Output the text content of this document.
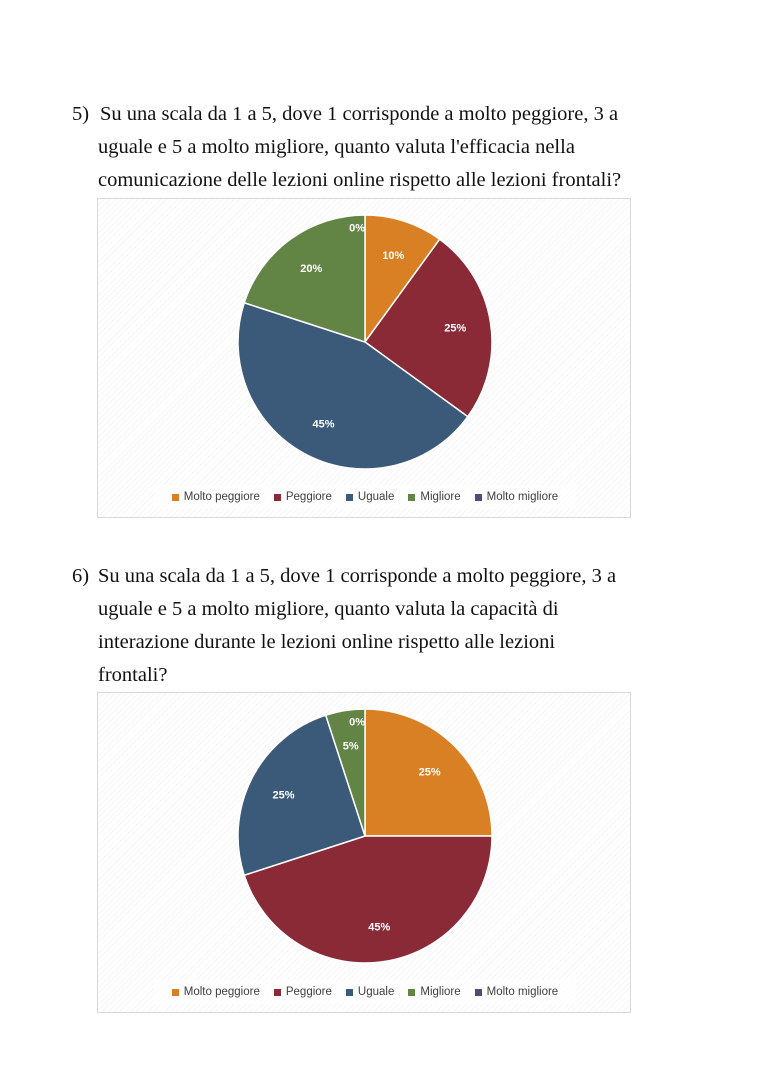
5) Su una scala da 1 a 5, dove 1 corrisponde a molto peggiore, 3 a
uguale e 5 a molto migliore, quanto valuta l'efficacia nella
comunicazione delle lezioni online rispetto alle lezioni frontali?
10%
25%
45%
20%
0%
Molto peggiore Peggiore Uguale Migliore Molto migliore
6) Su una scala da 1 a 5, dove 1 corrisponde a molto peggiore, 3 a
uguale e 5 a molto migliore, quanto valuta la capacità di
interazione durante le lezioni online rispetto alle lezioni
frontali?
25%
45%
25%
5%
0%
Molto peggiore Peggiore Uguale Migliore Molto migliore
